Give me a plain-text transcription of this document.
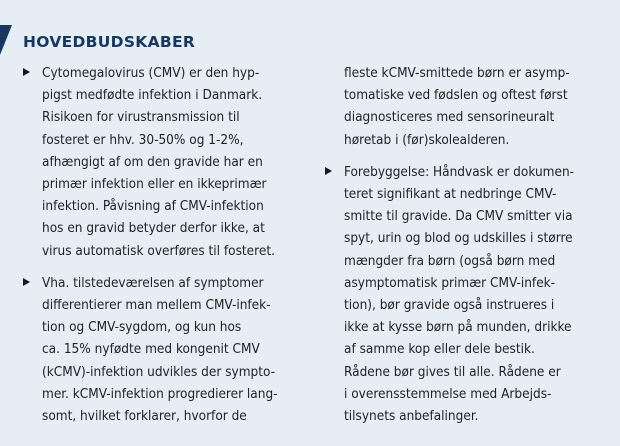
HOVEDBUDSKABER
Cytomegalovirus (CMV) er den hyp-
pigst medfødte infektion i Danmark.
Risikoen for virustransmission til
fosteret er hhv. 30-50% og 1-2%,
afhængigt af om den gravide har en
primær infektion eller en ikkeprimær
infektion. Påvisning af CMV-infektion
hos en gravid betyder derfor ikke, at
virus automatisk overføres til fosteret.
Vha. tilstedeværelsen af symptomer
differentierer man mellem CMV-infek-
tion og CMV-sygdom, og kun hos
ca. 15% nyfødte med kongenit CMV
(kCMV)-infektion udvikles der sympto-
mer. kCMV-infektion progredierer lang-
somt, hvilket forklarer, hvorfor de
fleste kCMV-smittede børn er asymp-
tomatiske ved fødslen og oftest først
diagnosticeres med sensorineuralt
høretab i (før)skolealderen.
Forebyggelse: Håndvask er dokumen-
teret signifikant at nedbringe CMV-
smitte til gravide. Da CMV smitter via
spyt, urin og blod og udskilles i større
mængder fra børn (også børn med
asymptomatisk primær CMV-infek-
tion), bør gravide også instrueres i
ikke at kysse børn på munden, drikke
af samme kop eller dele bestik.
Rådene bør gives til alle. Rådene er
i overensstemmelse med Arbejds-
tilsynets anbefalinger.
